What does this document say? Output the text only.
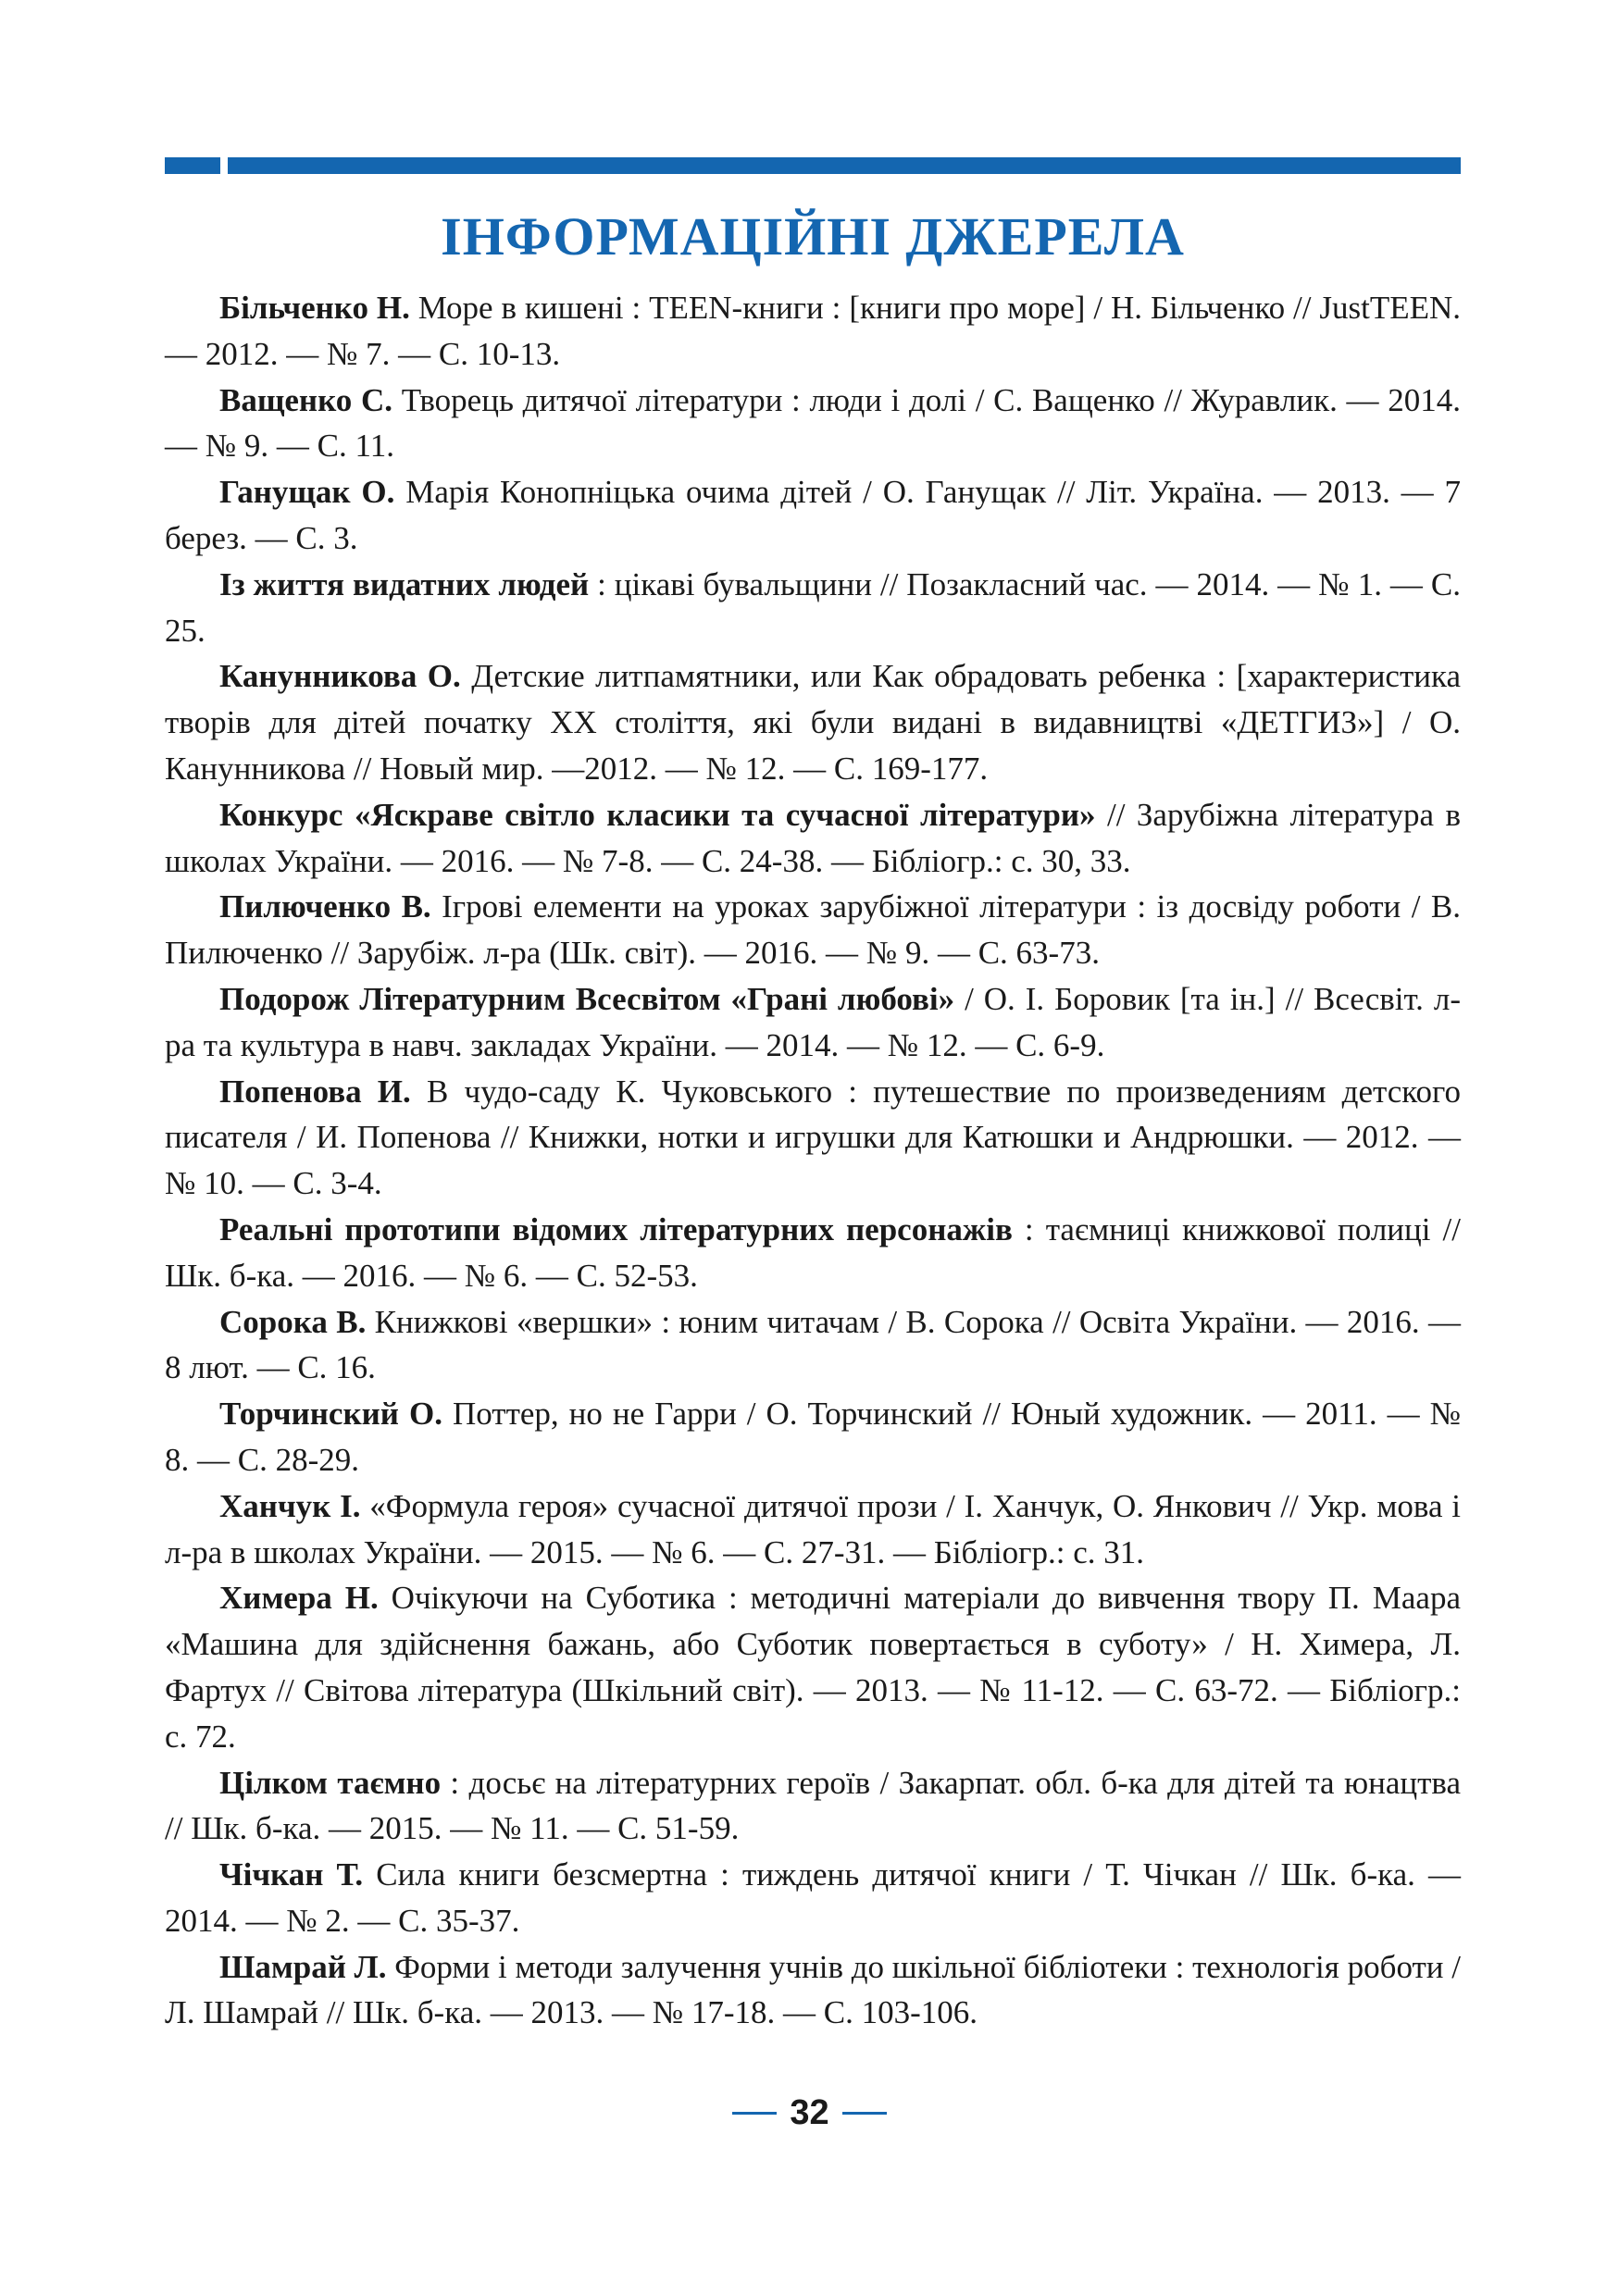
ІНФОРМАЦІЙНІ ДЖЕРЕЛА

Більченко Н. Море в кишені : TEEN-книги : [книги про море] / Н. Більченко // JustTEEN. — 2012. — № 7. — С. 10-13.

Ващенко С. Творець дитячої літератури : люди і долі / С. Ващенко // Журавлик. — 2014. — № 9. — С. 11.

Ганущак О. Марія Конопніцька очима дітей / О. Ганущак // Літ. Україна. — 2013. — 7 берез. — С. 3.

Із життя видатних людей : цікаві бувальщини // Позакласний час. — 2014. — № 1. — С. 25.

Канунникова О. Детские литпамятники, или Как обрадовать ребенка : [характеристика творів для дітей початку XX століття, які були видані в видавництві «ДЕТГИЗ»] / О. Канунникова // Новый мир. —2012. — № 12. — С. 169-177.

Конкурс «Яскраве світло класики та сучасної літератури» // Зарубіжна література в школах України. — 2016. — № 7-8. — С. 24-38. — Бібліогр.: с. 30, 33.

Пилюченко В. Ігрові елементи на уроках зарубіжної літератури : із досвіду роботи / В. Пилюченко // Зарубіж. л-ра (Шк. світ). — 2016. — № 9. — С. 63-73.

Подорож Літературним Всесвітом «Грані любові» / О. І. Боровик [та ін.] // Всесвіт. л-ра та культура в навч. закладах України. — 2014. — № 12. — С. 6-9.

Попенова И. В чудо-саду К. Чуковського : путешествие по произведениям детского писателя / И. Попенова // Книжки, нотки и игрушки для Катюшки и Андрюшки. — 2012. — № 10. — С. 3-4.

Реальні прототипи відомих літературних персонажів : таємниці книжкової полиці // Шк. б-ка. — 2016. — № 6. — С. 52-53.

Сорока В. Книжкові «вершки» : юним читачам / В. Сорока // Освіта України. — 2016. — 8 лют. — С. 16.

Торчинский О. Поттер, но не Гарри / О. Торчинский // Юный художник. — 2011. — № 8. — С. 28-29.

Ханчук І. «Формула героя» сучасної дитячої прози / І. Ханчук, О. Янкович // Укр. мова і л-ра в школах України. — 2015. — № 6. — С. 27-31. — Бібліогр.: с. 31.

Химера Н. Очікуючи на Суботика : методичні матеріали до вивчення твору П. Маара «Машина для здійснення бажань, або Суботик повертається в суботу» / Н. Химера, Л. Фартух // Світова література (Шкільний світ). — 2013. — № 11-12. — С. 63-72. — Бібліогр.: с. 72.

Цілком таємно : досьє на літературних героїв / Закарпат. обл. б-ка для дітей та юнацтва // Шк. б-ка. — 2015. — № 11. — С. 51-59.

Чічкан Т. Сила книги безсмертна : тиждень дитячої книги / Т. Чічкан // Шк. б-ка. — 2014. — № 2. — С. 35-37.

Шамрай Л. Форми і методи залучення учнів до шкільної бібліотеки : технологія роботи / Л. Шамрай // Шк. б-ка. — 2013. — № 17-18. — С. 103-106.

32
